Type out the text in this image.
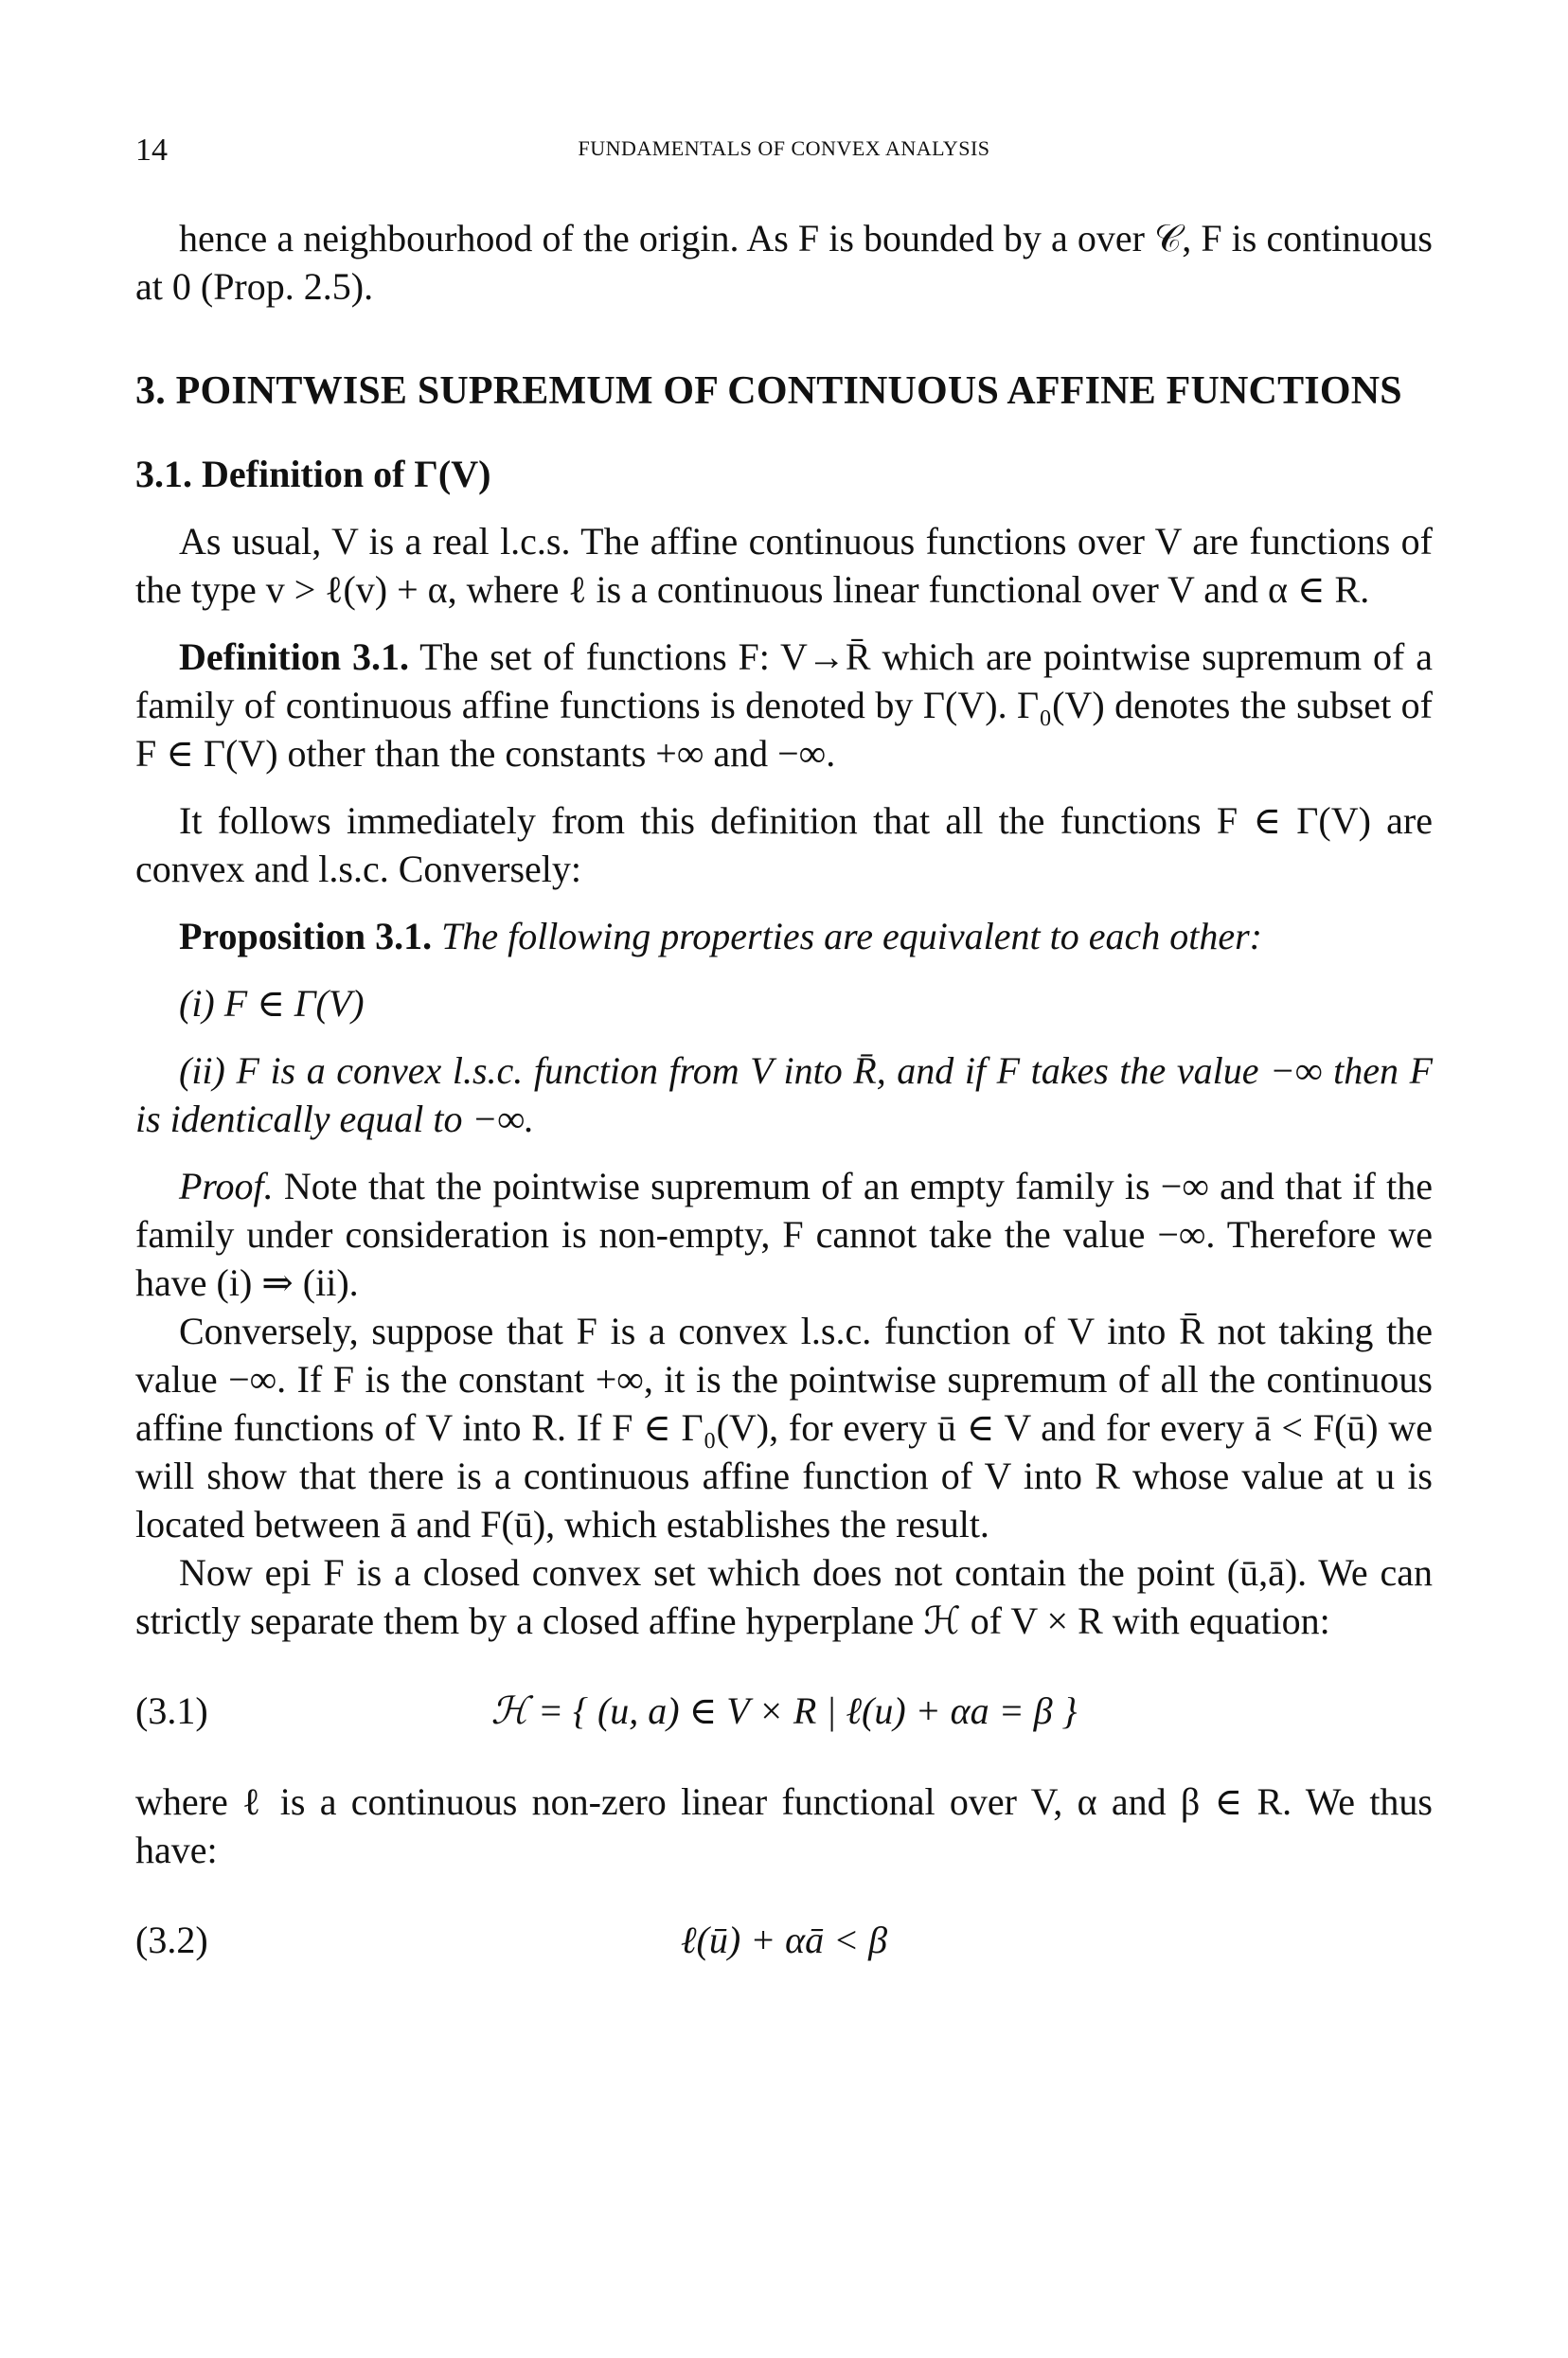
14	FUNDAMENTALS OF CONVEX ANALYSIS

hence a neighbourhood of the origin. As F is bounded by a over 𝒞, F is continuous at 0 (Prop. 2.5).

3. POINTWISE SUPREMUM OF CONTINUOUS AFFINE FUNCTIONS

3.1. Definition of Γ(V)

As usual, V is a real l.c.s. The affine continuous functions over V are functions of the type v > ℓ(v) + α, where ℓ is a continuous linear functional over V and α ∈ R.

Definition 3.1. The set of functions F: V→R̄ which are pointwise supremum of a family of continuous affine functions is denoted by Γ(V). Γ₀(V) denotes the subset of F ∈ Γ(V) other than the constants +∞ and −∞.

It follows immediately from this definition that all the functions F ∈ Γ(V) are convex and l.s.c. Conversely:

Proposition 3.1. The following properties are equivalent to each other:

(i) F ∈ Γ(V)

(ii) F is a convex l.s.c. function from V into R̄, and if F takes the value −∞ then F is identically equal to −∞.

Proof. Note that the pointwise supremum of an empty family is −∞ and that if the family under consideration is non-empty, F cannot take the value −∞. Therefore we have (i) ⇒ (ii).

Conversely, suppose that F is a convex l.s.c. function of V into R̄ not taking the value −∞. If F is the constant +∞, it is the pointwise supremum of all the continuous affine functions of V into R. If F ∈ Γ₀(V), for every ū ∈ V and for every ā < F(ū) we will show that there is a continuous affine function of V into R whose value at u is located between ā and F(ū), which establishes the result.

Now epi F is a closed convex set which does not contain the point (ū,ā). We can strictly separate them by a closed affine hyperplane ℋ of V × R with equation:

(3.1)	ℋ = { (u, a) ∈ V × R | ℓ(u) + αa = β }

where ℓ is a continuous non-zero linear functional over V, α and β ∈ R. We thus have:

(3.2)	ℓ(ū) + αā < β
